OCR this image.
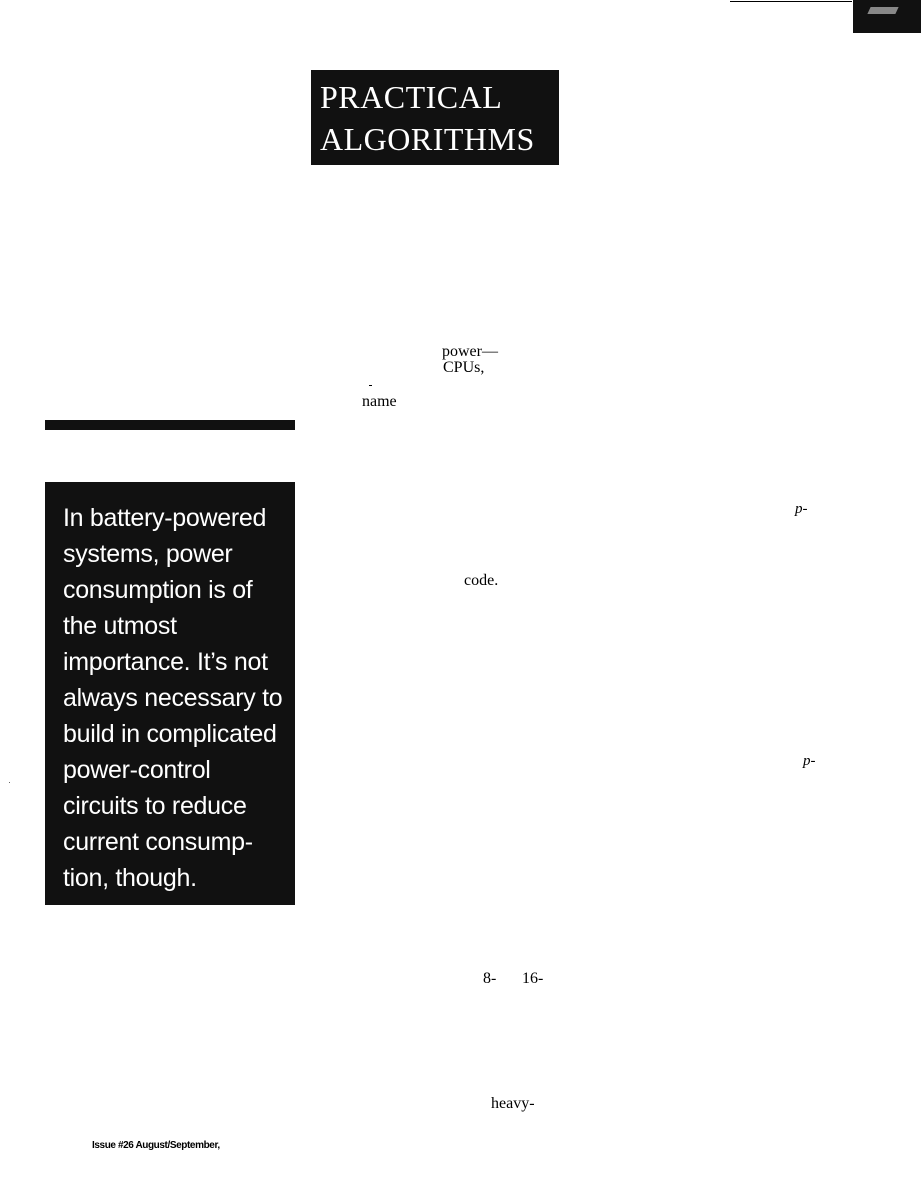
PRACTICAL
ALGORITHMS
power—
CPUs,
name
p-
code.
p-
8- 16-
heavy-
In battery-powered
systems, power
consumption is of
the utmost
importance. It’s not
always necessary to
build in complicated
power-control
circuits to reduce
current consump-
tion, though.
Issue #26 August/September,
